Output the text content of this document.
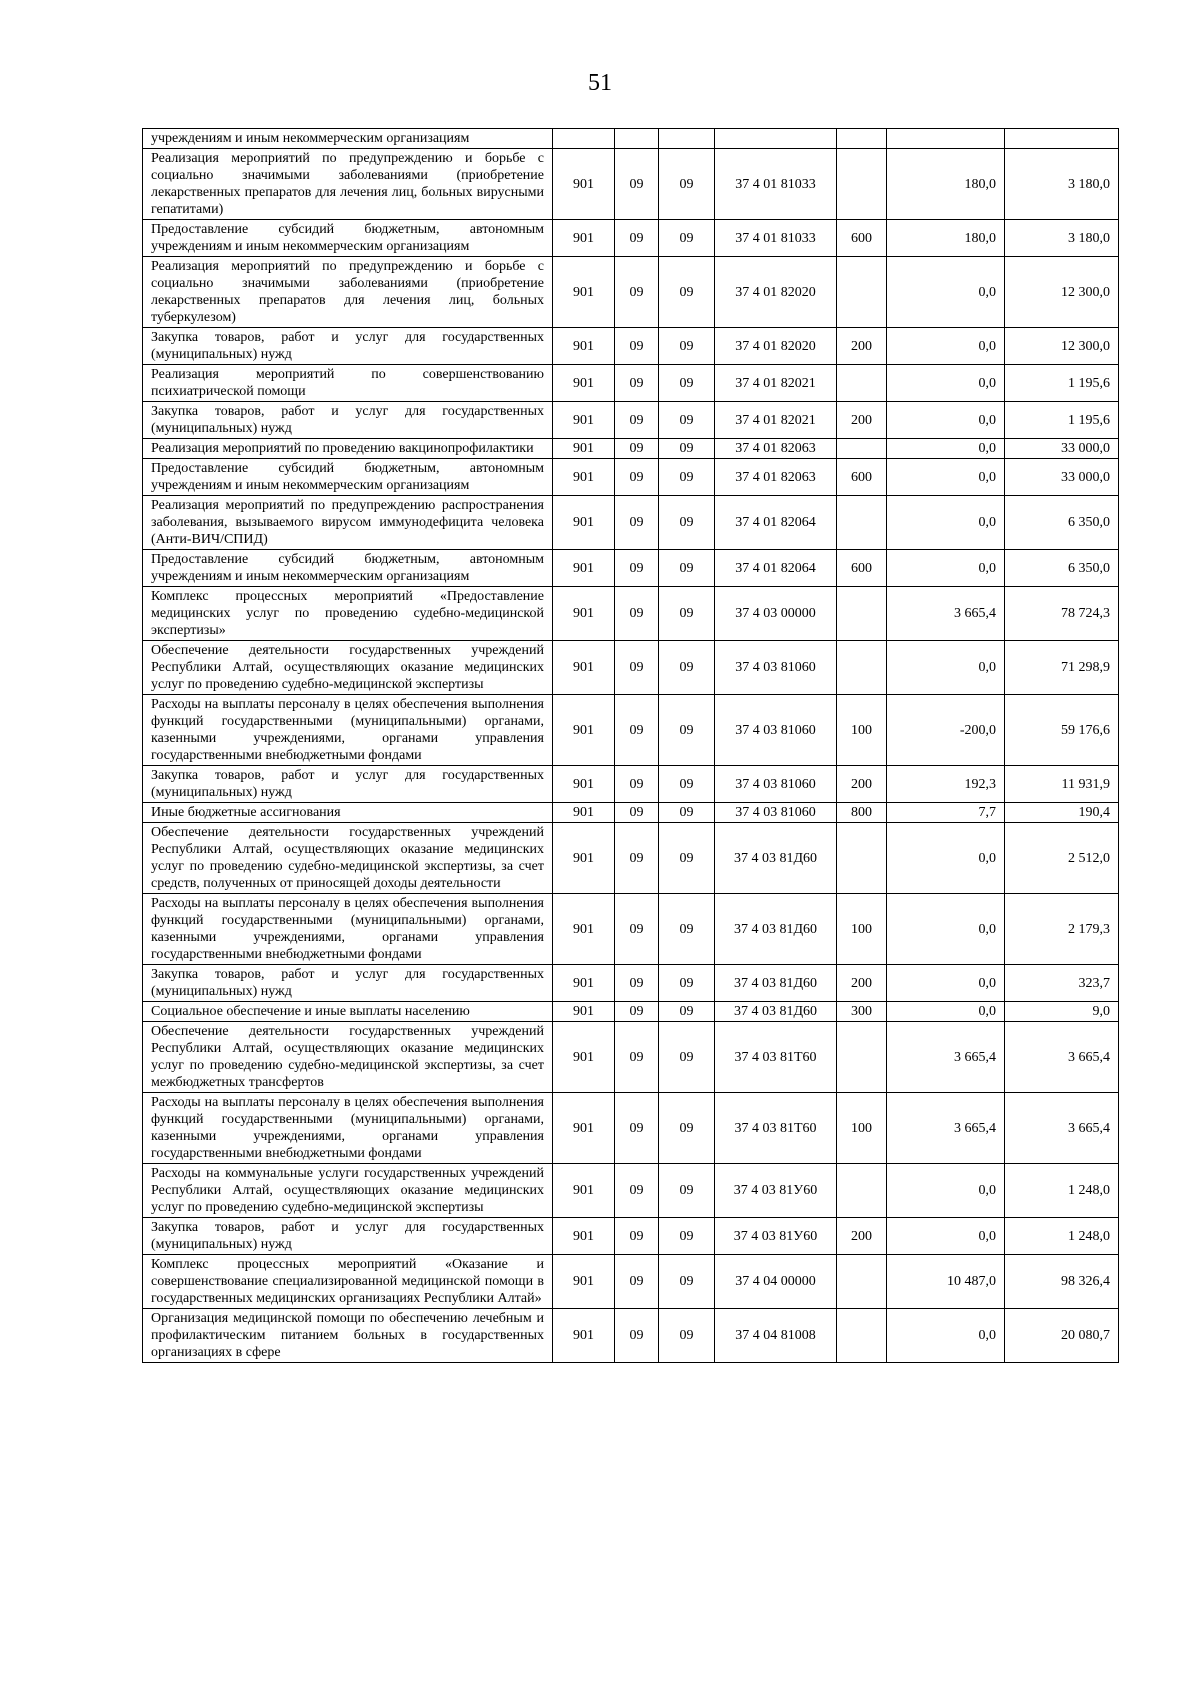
51
учреждениям и иным некоммерческим организациям							
Реализация мероприятий по предупреждению и борьбе с социально значимыми заболеваниями (приобретение лекарственных препаратов для лечения лиц, больных вирусными гепатитами)	901	09	09	37 4 01 81033		180,0	3 180,0
Предоставление субсидий бюджетным, автономным учреждениям и иным некоммерческим организациям	901	09	09	37 4 01 81033	600	180,0	3 180,0
Реализация мероприятий по предупреждению и борьбе с социально значимыми заболеваниями (приобретение лекарственных препаратов для лечения лиц, больных туберкулезом)	901	09	09	37 4 01 82020		0,0	12 300,0
Закупка товаров, работ и услуг для государственных (муниципальных) нужд	901	09	09	37 4 01 82020	200	0,0	12 300,0
Реализация мероприятий по совершенствованию психиатрической помощи	901	09	09	37 4 01 82021		0,0	1 195,6
Закупка товаров, работ и услуг для государственных (муниципальных) нужд	901	09	09	37 4 01 82021	200	0,0	1 195,6
Реализация мероприятий по проведению вакцинопрофилактики	901	09	09	37 4 01 82063		0,0	33 000,0
Предоставление субсидий бюджетным, автономным учреждениям и иным некоммерческим организациям	901	09	09	37 4 01 82063	600	0,0	33 000,0
Реализация мероприятий по предупреждению распространения заболевания, вызываемого вирусом иммунодефицита человека (Анти-ВИЧ/СПИД)	901	09	09	37 4 01 82064		0,0	6 350,0
Предоставление субсидий бюджетным, автономным учреждениям и иным некоммерческим организациям	901	09	09	37 4 01 82064	600	0,0	6 350,0
Комплекс процессных мероприятий «Предоставление медицинских услуг по проведению судебно-медицинской экспертизы»	901	09	09	37 4 03 00000		3 665,4	78 724,3
Обеспечение деятельности государственных учреждений Республики Алтай, осуществляющих оказание медицинских услуг по проведению судебно-медицинской экспертизы	901	09	09	37 4 03 81060		0,0	71 298,9
Расходы на выплаты персоналу в целях обеспечения выполнения функций государственными (муниципальными) органами, казенными учреждениями, органами управления государственными внебюджетными фондами	901	09	09	37 4 03 81060	100	-200,0	59 176,6
Закупка товаров, работ и услуг для государственных (муниципальных) нужд	901	09	09	37 4 03 81060	200	192,3	11 931,9
Иные бюджетные ассигнования	901	09	09	37 4 03 81060	800	7,7	190,4
Обеспечение деятельности государственных учреждений Республики Алтай, осуществляющих оказание медицинских услуг по проведению судебно-медицинской экспертизы, за счет средств, полученных от приносящей доходы деятельности	901	09	09	37 4 03 81Д60		0,0	2 512,0
Расходы на выплаты персоналу в целях обеспечения выполнения функций государственными (муниципальными) органами, казенными учреждениями, органами управления государственными внебюджетными фондами	901	09	09	37 4 03 81Д60	100	0,0	2 179,3
Закупка товаров, работ и услуг для государственных (муниципальных) нужд	901	09	09	37 4 03 81Д60	200	0,0	323,7
Социальное обеспечение и иные выплаты населению	901	09	09	37 4 03 81Д60	300	0,0	9,0
Обеспечение деятельности государственных учреждений Республики Алтай, осуществляющих оказание медицинских услуг по проведению судебно-медицинской экспертизы, за счет межбюджетных трансфертов	901	09	09	37 4 03 81Т60		3 665,4	3 665,4
Расходы на выплаты персоналу в целях обеспечения выполнения функций государственными (муниципальными) органами, казенными учреждениями, органами управления государственными внебюджетными фондами	901	09	09	37 4 03 81Т60	100	3 665,4	3 665,4
Расходы на коммунальные услуги государственных учреждений Республики Алтай, осуществляющих оказание медицинских услуг по проведению судебно-медицинской экспертизы	901	09	09	37 4 03 81У60		0,0	1 248,0
Закупка товаров, работ и услуг для государственных (муниципальных) нужд	901	09	09	37 4 03 81У60	200	0,0	1 248,0
Комплекс процессных мероприятий «Оказание и совершенствование специализированной медицинской помощи в государственных медицинских организациях Республики Алтай»	901	09	09	37 4 04 00000		10 487,0	98 326,4
Организация медицинской помощи по обеспечению лечебным и профилактическим питанием больных в государственных организациях в сфере	901	09	09	37 4 04 81008		0,0	20 080,7
